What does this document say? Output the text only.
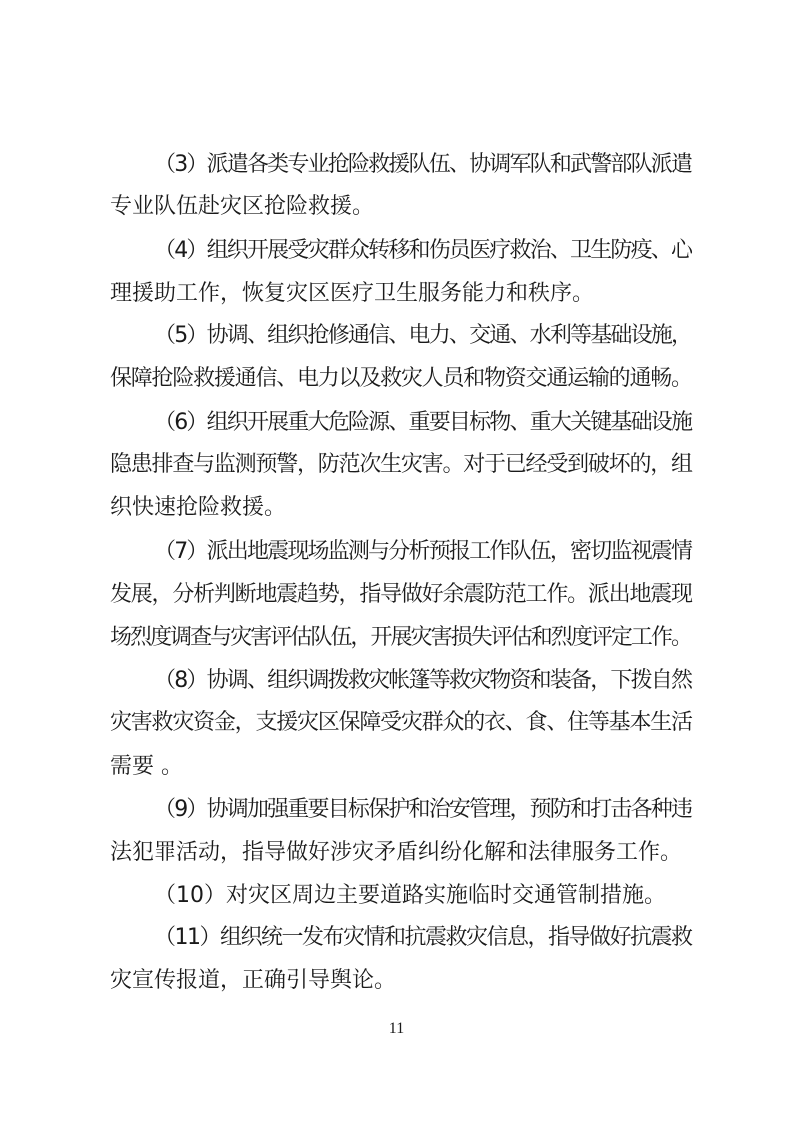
（3）派遣各类专业抢险救援队伍、协调军队和武警部队派遣
专业队伍赴灾区抢险救援。
（4）组织开展受灾群众转移和伤员医疗救治、卫生防疫、心
理援助工作，恢复灾区医疗卫生服务能力和秩序。
（5）协调、组织抢修通信、电力、交通、水利等基础设施，
保障抢险救援通信、电力以及救灾人员和物资交通运输的通畅。
（6）组织开展重大危险源、重要目标物、重大关键基础设施
隐患排查与监测预警，防范次生灾害。对于已经受到破坏的，组
织快速抢险救援。
（7）派出地震现场监测与分析预报工作队伍，密切监视震情
发展，分析判断地震趋势，指导做好余震防范工作。派出地震现
场烈度调查与灾害评估队伍，开展灾害损失评估和烈度评定工作。
（8）协调、组织调拨救灾帐篷等救灾物资和装备，下拨自然
灾害救灾资金，支援灾区保障受灾群众的衣、食、住等基本生活
需要 。
（9）协调加强重要目标保护和治安管理，预防和打击各种违
法犯罪活动，指导做好涉灾矛盾纠纷化解和法律服务工作。
（10）对灾区周边主要道路实施临时交通管制措施。
（11）组织统一发布灾情和抗震救灾信息，指导做好抗震救
灾宣传报道，正确引导舆论。
11
